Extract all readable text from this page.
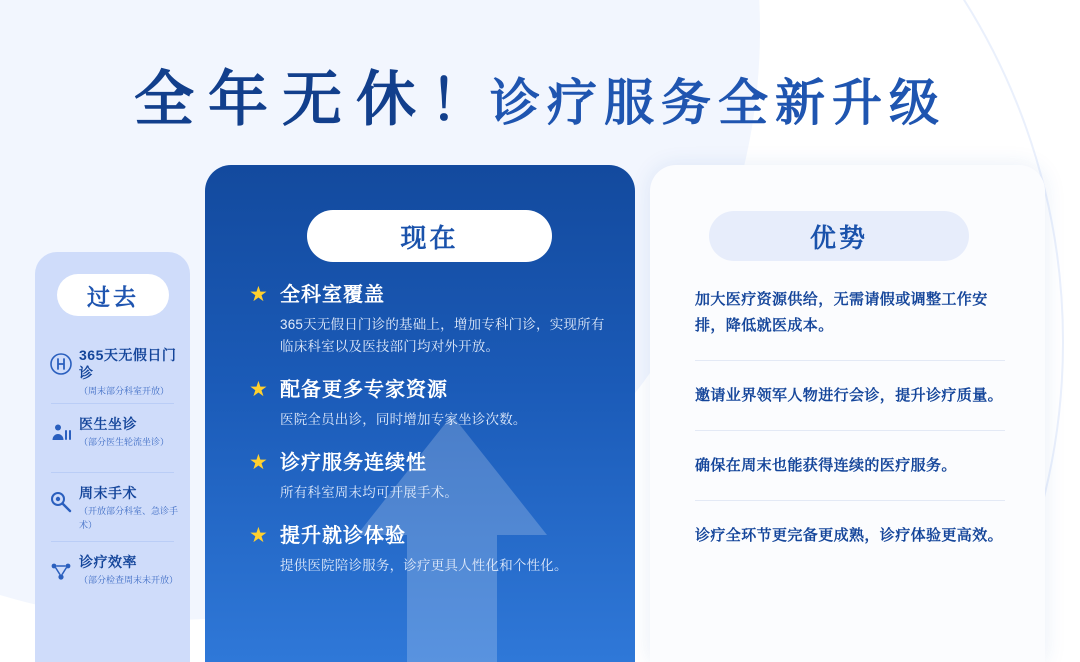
全年无休！诊疗服务全新升级
过去
365天无假日门诊
（周末部分科室开放）
医生坐诊
（部分医生轮流坐诊）
周末手术
（开放部分科室、急诊手术）
诊疗效率
（部分检查周末未开放）
现在
★ 全科室覆盖
365天无假日门诊的基础上，增加专科门诊，实现所有临床科室以及医技部门均对外开放。
★ 配备更多专家资源
医院全员出诊，同时增加专家坐诊次数。
★ 诊疗服务连续性
所有科室周末均可开展手术。
★ 提升就诊体验
提供医院陪诊服务，诊疗更具人性化和个性化。
优势
加大医疗资源供给，无需请假或调整工作安排，降低就医成本。
邀请业界领军人物进行会诊，提升诊疗质量。
确保在周末也能获得连续的医疗服务。
诊疗全环节更完备更成熟，诊疗体验更高效。
